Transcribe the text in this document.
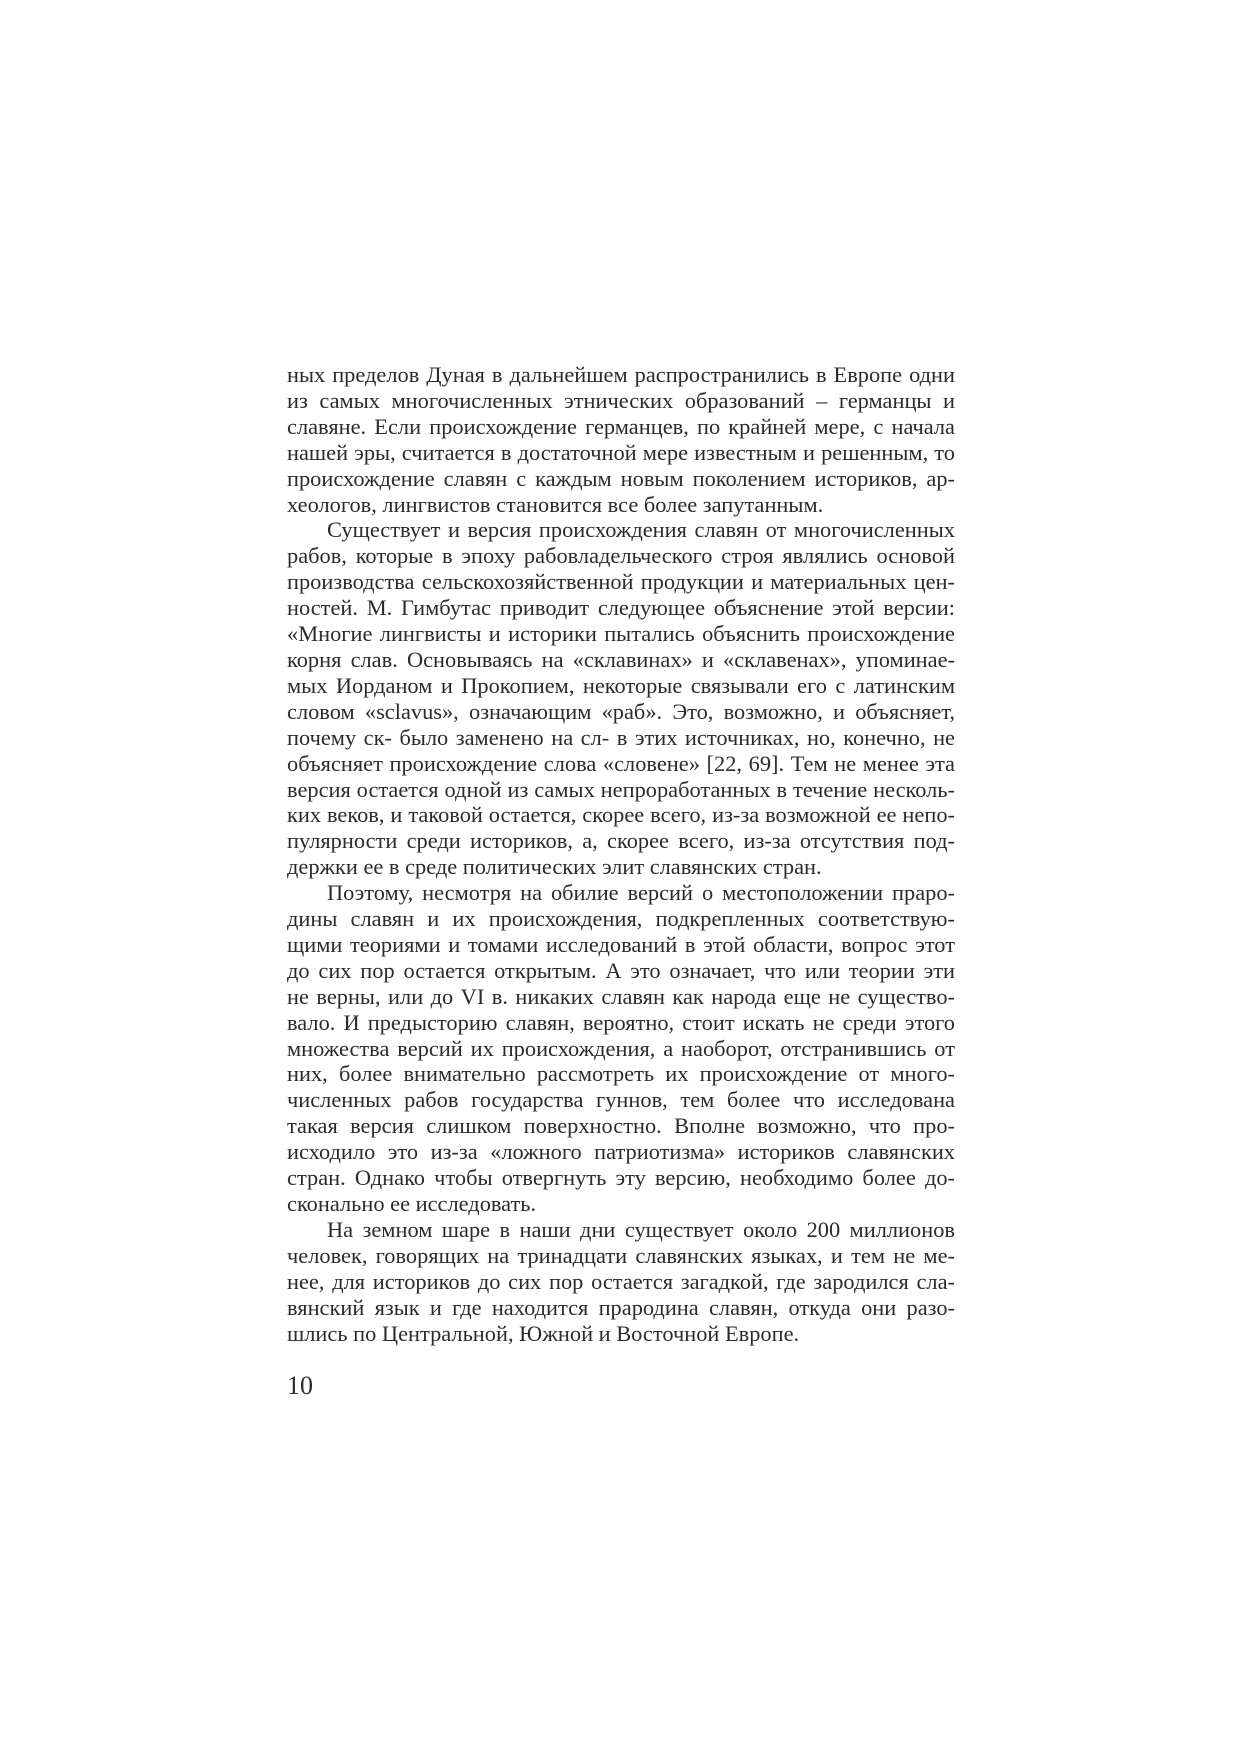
ных пределов Дуная в дальнейшем распространились в Европе одни
из самых многочисленных этнических образований – германцы и
славяне. Если происхождение германцев, по крайней мере, с начала
нашей эры, считается в достаточной мере известным и решенным, то
происхождение славян с каждым новым поколением историков, ар-
хеологов, лингвистов становится все более запутанным.

Существует и версия происхождения славян от многочисленных
рабов, которые в эпоху рабовладельческого строя являлись основой
производства сельскохозяйственной продукции и материальных цен-
ностей. М. Гимбутас приводит следующее объяснение этой версии:
«Многие лингвисты и историки пытались объяснить происхождение
корня слав. Основываясь на «склавинах» и «склавенах», упоминае-
мых Иорданом и Прокопием, некоторые связывали его с латинским
словом «sclavus», означающим «раб». Это, возможно, и объясняет,
почему ск- было заменено на сл- в этих источниках, но, конечно, не
объясняет происхождение слова «словене» [22, 69]. Тем не менее эта
версия остается одной из самых непроработанных в течение несколь-
ких веков, и таковой остается, скорее всего, из-за возможной ее непо-
пулярности среди историков, а, скорее всего, из-за отсутствия под-
держки ее в среде политических элит славянских стран.

Поэтому, несмотря на обилие версий о местоположении прaро-
дины славян и их происхождения, подкрепленных соответствую-
щими теориями и томами исследований в этой области, вопрос этот
до сих пор остается открытым. А это означает, что или теории эти
не верны, или до VI в. никаких славян как народа еще не существо-
вало. И предысторию славян, вероятно, стоит искать не среди этого
множества версий их происхождения, а наоборот, отстранившись от
них, более внимательно рассмотреть их происхождение от много-
численных рабов государства гуннов, тем более что исследована
такая версия слишком поверхностно. Вполне возможно, что про-
исходило это из-за «ложного патриотизма» историков славянских
стран. Однако чтобы отвергнуть эту версию, необходимо более до-
сконально ее исследовать.

На земном шаре в наши дни существует около 200 миллионов
человек, говорящих на тринадцати славянских языках, и тем не ме-
нее, для историков до сих пор остается загадкой, где зародился сла-
вянский язык и где находится прародина славян, откуда они разо-
шлись по Центральной, Южной и Восточной Европе.

10
